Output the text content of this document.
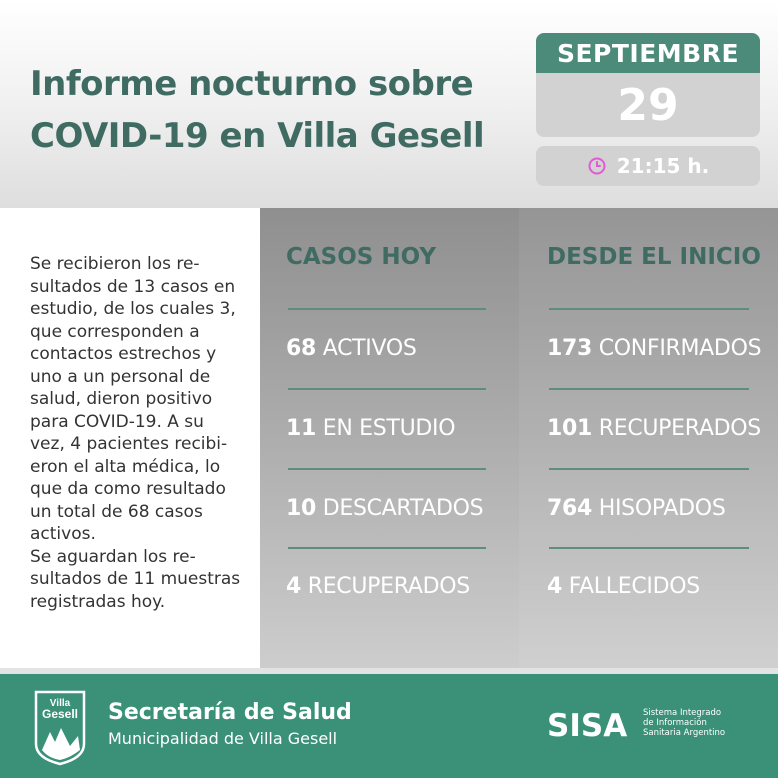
Informe nocturno sobre
COVID-19 en Villa Gesell
SEPTIEMBRE
29
21:15 h.
Se recibieron los re-
sultados de 13 casos en
estudio, de los cuales 3,
que corresponden a
contactos estrechos y
uno a un personal de
salud, dieron positivo
para COVID-19. A su
vez, 4 pacientes recibi-
eron el alta médica, lo
que da como resultado
un total de 68 casos
activos.
Se aguardan los re-
sultados de 11 muestras
registradas hoy.
CASOS HOY
68 ACTIVOS
11 EN ESTUDIO
10 DESCARTADOS
4 RECUPERADOS
DESDE EL INICIO
173 CONFIRMADOS
101 RECUPERADOS
764 HISOPADOS
4 FALLECIDOS
Villa
Gesell Secretaría de Salud
Municipalidad de Villa Gesell	SISA Sistema Integrado
de Información
Sanitaria Argentino
